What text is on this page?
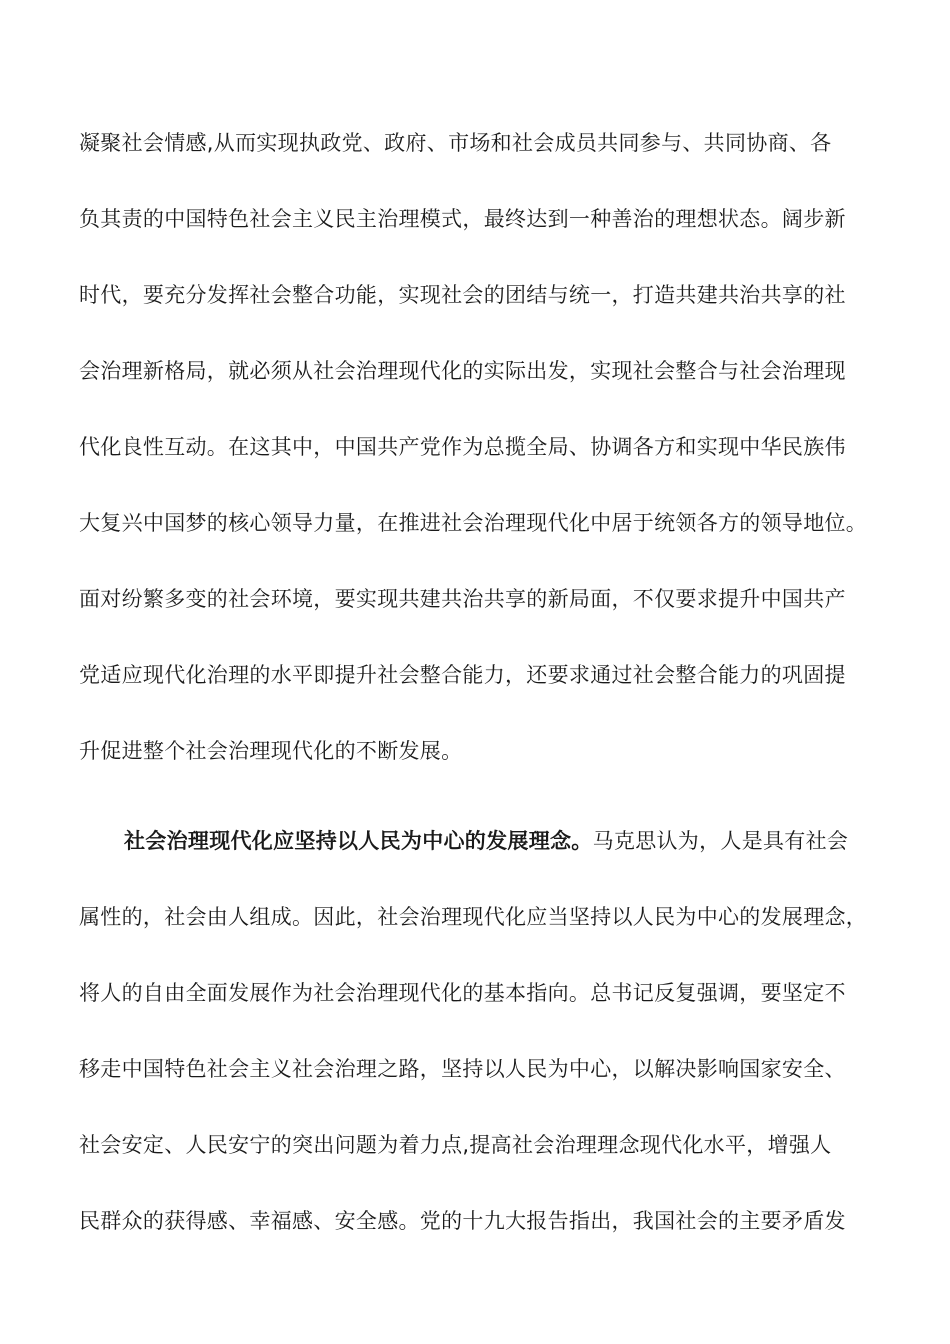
凝聚社会情感,从而实现执政党、政府、市场和社会成员共同参与、共同协商、各
负其责的中国特色社会主义民主治理模式，最终达到一种善治的理想状态。阔步新
时代，要充分发挥社会整合功能，实现社会的团结与统一，打造共建共治共享的社
会治理新格局，就必须从社会治理现代化的实际出发，实现社会整合与社会治理现
代化良性互动。在这其中，中国共产党作为总揽全局、协调各方和实现中华民族伟
大复兴中国梦的核心领导力量，在推进社会治理现代化中居于统领各方的领导地位。
面对纷繁多变的社会环境，要实现共建共治共享的新局面，不仅要求提升中国共产
党适应现代化治理的水平即提升社会整合能力，还要求通过社会整合能力的巩固提
升促进整个社会治理现代化的不断发展。
社会治理现代化应坚持以人民为中心的发展理念。马克思认为，人是具有社会
属性的，社会由人组成。因此，社会治理现代化应当坚持以人民为中心的发展理念，
将人的自由全面发展作为社会治理现代化的基本指向。总书记反复强调，要坚定不
移走中国特色社会主义社会治理之路，坚持以人民为中心，以解决影响国家安全、
社会安定、人民安宁的突出问题为着力点,提高社会治理理念现代化水平，增强人
民群众的获得感、幸福感、安全感。党的十九大报告指出，我国社会的主要矛盾发
